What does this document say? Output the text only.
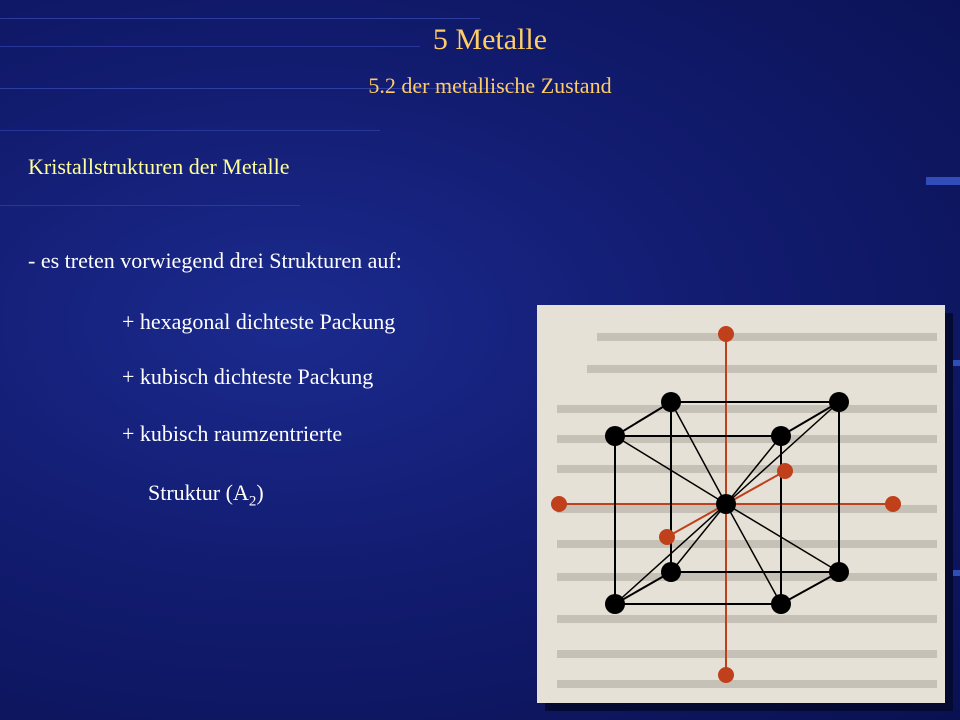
5 Metalle
5.2 der metallische Zustand
Kristallstrukturen der Metalle
- es treten vorwiegend drei Strukturen auf:
+ hexagonal dichteste Packung
+ kubisch dichteste Packung
+ kubisch raumzentrierte
Struktur $(A_2)$
